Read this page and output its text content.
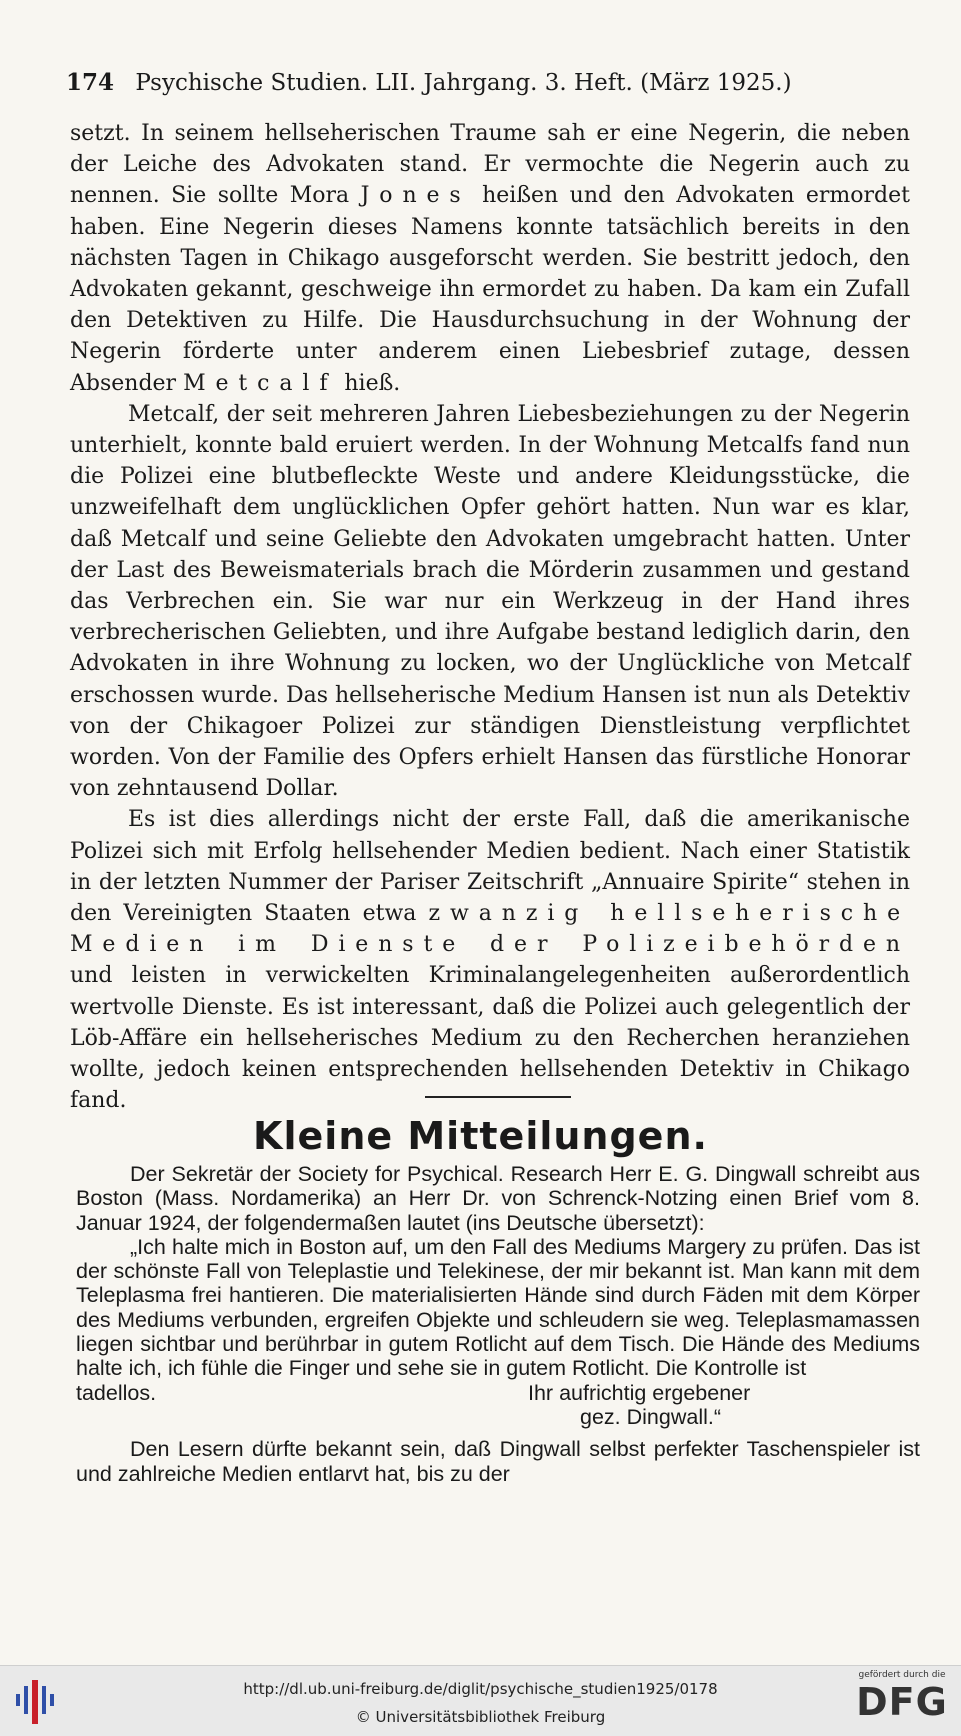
174 Psychische Studien. LII. Jahrgang. 3. Heft. (März 1925.)

setzt. In seinem hellseherischen Traume sah er eine Negerin, die neben der Leiche des Advokaten stand. Er vermochte die Negerin auch zu nennen. Sie sollte Mora Jones heißen und den Advokaten ermordet haben. Eine Negerin dieses Namens konnte tatsächlich bereits in den nächsten Tagen in Chikago ausgeforscht werden. Sie bestritt jedoch, den Advokaten gekannt, geschweige ihn ermordet zu haben. Da kam ein Zufall den Detektiven zu Hilfe. Die Hausdurchsuchung in der Wohnung der Negerin förderte unter anderem einen Liebesbrief zutage, dessen Absender Metcalf hieß.

Metcalf, der seit mehreren Jahren Liebesbeziehungen zu der Negerin unterhielt, konnte bald eruiert werden. In der Wohnung Metcalfs fand nun die Polizei eine blutbefleckte Weste und andere Kleidungsstücke, die unzweifelhaft dem unglücklichen Opfer gehört hatten. Nun war es klar, daß Metcalf und seine Geliebte den Advokaten umgebracht hatten. Unter der Last des Beweismaterials brach die Mörderin zusammen und gestand das Verbrechen ein. Sie war nur ein Werkzeug in der Hand ihres verbrecherischen Geliebten, und ihre Aufgabe bestand lediglich darin, den Advokaten in ihre Wohnung zu locken, wo der Unglückliche von Metcalf erschossen wurde. Das hellseherische Medium Hansen ist nun als Detektiv von der Chikagoer Polizei zur ständigen Dienstleistung verpflichtet worden. Von der Familie des Opfers erhielt Hansen das fürstliche Honorar von zehntausend Dollar.

Es ist dies allerdings nicht der erste Fall, daß die amerikanische Polizei sich mit Erfolg hellsehender Medien bedient. Nach einer Statistik in der letzten Nummer der Pariser Zeitschrift „Annuaire Spirite“ stehen in den Vereinigten Staaten etwa zwanzig hellseherische Medien im Dienste der Polizeibehörden und leisten in verwickelten Kriminalangelegenheiten außerordentlich wertvolle Dienste. Es ist interessant, daß die Polizei auch gelegentlich der Löb-Affäre ein hellseherisches Medium zu den Recherchen heranziehen wollte, jedoch keinen entsprechenden hellsehenden Detektiv in Chikago fand.

Kleine Mitteilungen.

Der Sekretär der Society for Psychical. Research Herr E. G. Dingwall schreibt aus Boston (Mass. Nordamerika) an Herr Dr. von Schrenck-Notzing einen Brief vom 8. Januar 1924, der folgendermaßen lautet (ins Deutsche übersetzt):

„Ich halte mich in Boston auf, um den Fall des Mediums Margery zu prüfen. Das ist der schönste Fall von Teleplastie und Telekinese, der mir bekannt ist. Man kann mit dem Teleplasma frei hantieren. Die materialisierten Hände sind durch Fäden mit dem Körper des Mediums verbunden, ergreifen Objekte und schleudern sie weg. Teleplasmamassen liegen sichtbar und berührbar in gutem Rotlicht auf dem Tisch. Die Hände des Mediums halte ich, ich fühle die Finger und sehe sie in gutem Rotlicht. Die Kontrolle ist

tadellos.	Ihr aufrichtig ergebener

gez. Dingwall.“

Den Lesern dürfte bekannt sein, daß Dingwall selbst perfekter Taschenspieler ist und zahlreiche Medien entlarvt hat, bis zu der

http://dl.ub.uni-freiburg.de/diglit/psychische_studien1925/0178
© Universitätsbibliothek Freiburg
gefördert durch die
DFG
